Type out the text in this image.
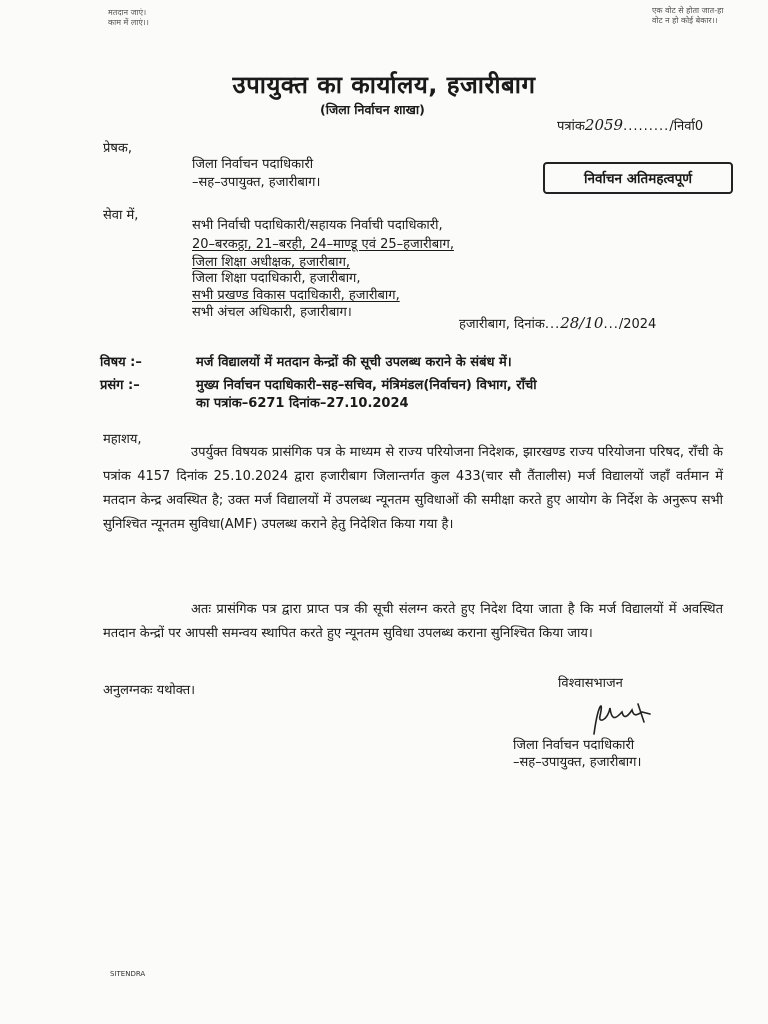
मतदान जाएं।
काम में लाएं।।
एक वोट से होता जात-हा
वोट न हो कोई बेकार।।
उपायुक्त का कार्यालय, हजारीबाग
(जिला निर्वाचन शाखा)
पत्रांक2059........./निर्वा0
प्रेषक,
जिला निर्वाचन पदाधिकारी
–सह–उपायुक्त, हजारीबाग।	निर्वाचन अतिमहत्वपूर्ण
सेवा में,
सभी निर्वाची पदाधिकारी/सहायक निर्वाची पदाधिकारी,
20–बरकट्ठा, 21–बरही, 24–माण्डू एवं 25–हजारीबाग,
जिला शिक्षा अधीक्षक, हजारीबाग,
जिला शिक्षा पदाधिकारी, हजारीबाग,
सभी प्रखण्ड विकास पदाधिकारी, हजारीबाग,
सभी अंचल अधिकारी, हजारीबाग।
हजारीबाग, दिनांक...28/10.../2024
विषय :–	मर्ज विद्यालयों में मतदान केन्द्रों की सूची उपलब्ध कराने के संबंध में।
प्रसंग :–	मुख्य निर्वाचन पदाधिकारी–सह–सचिव, मंत्रिमंडल(निर्वाचन) विभाग, राँची
का पत्रांक–6271 दिनांक–27.10.2024
महाशय,
उपर्युक्त विषयक प्रासंगिक पत्र के माध्यम से राज्य परियोजना निदेशक, झारखण्ड राज्य परियोजना परिषद, राँची के पत्रांक 4157 दिनांक 25.10.2024 द्वारा हजारीबाग जिलान्तर्गत कुल 433(चार सौ तैंतालीस) मर्ज विद्यालयों जहाँ वर्तमान में मतदान केन्द्र अवस्थित है; उक्त मर्ज विद्यालयों में उपलब्ध न्यूनतम सुविधाओं की समीक्षा करते हुए आयोग के निर्देश के अनुरूप सभी सुनिश्चित न्यूनतम सुविधा(AMF) उपलब्ध कराने हेतु निदेशित किया गया है।
अतः प्रासंगिक पत्र द्वारा प्राप्त पत्र की सूची संलग्न करते हुए निदेश दिया जाता है कि मर्ज विद्यालयों में अवस्थित मतदान केन्द्रों पर आपसी समन्वय स्थापित करते हुए न्यूनतम सुविधा उपलब्ध कराना सुनिश्चित किया जाय।
अनुलग्नकः यथोक्त।	विश्वासभाजन
जिला निर्वाचन पदाधिकारी
–सह–उपायुक्त, हजारीबाग।
SITENDRA
